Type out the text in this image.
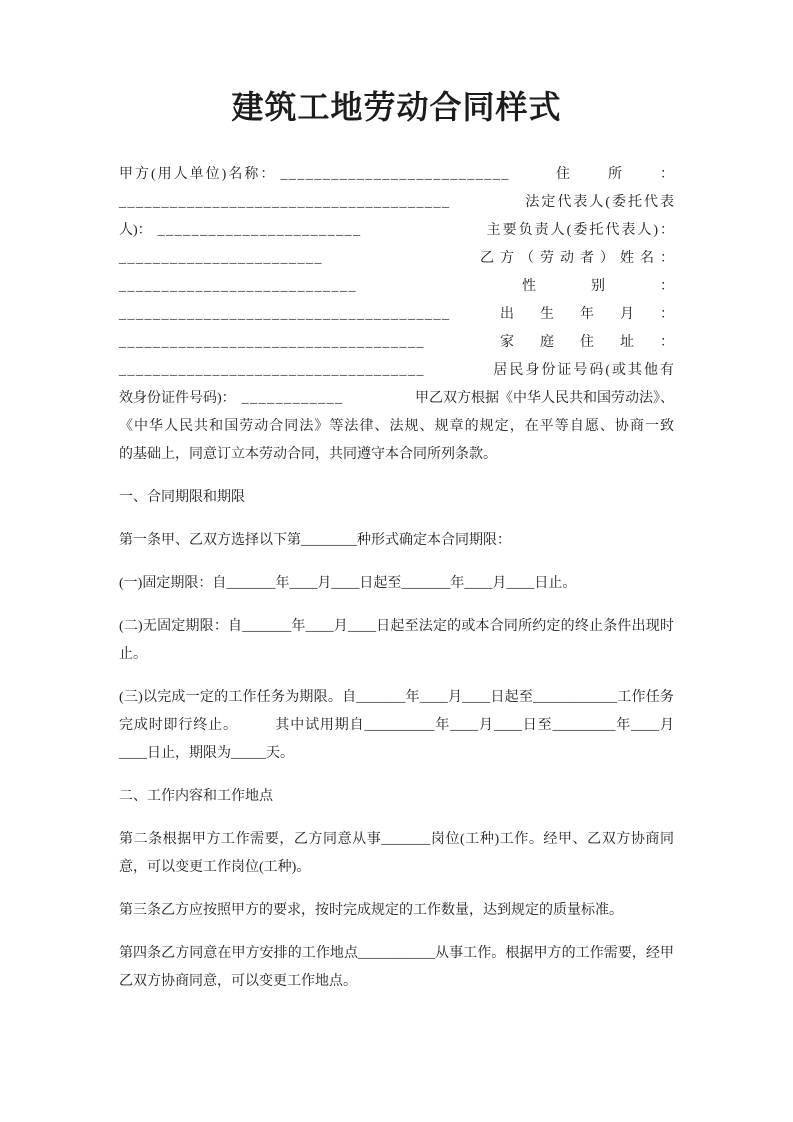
建筑工地劳动合同样式
甲方(用人单位)名称： ___________________________	住所：
_______________________________________	法定代表人(委托代表
人)： ________________________	主要负责人(委托代表人)：
________________________	乙方（劳动者）姓名：
____________________________	性别：
_______________________________________	出生年月：
____________________________________	家庭住址：
____________________________________	居民身份证号码(或其他有
效身份证件号码)： ____________	甲乙双方根据《中华人民共和国劳动法》、
《中华人民共和国劳动合同法》等法律、法规、规章的规定，在平等自愿、协商一致
的基础上，同意订立本劳动合同，共同遵守本合同所列条款。

一、合同期限和期限

第一条甲、乙双方选择以下第________种形式确定本合同期限：

(一)固定期限：自_______年____月____日起至_______年____月____日止。

(二)无固定期限：自_______年____月____日起至法定的或本合同所约定的终止条件出现时止。

(三)以完成一定的工作任务为期限。自_______年____月____日起至____________工作任务完成时即行终止。　　　其中试用期自__________年____月____日至_________年____月____日止，期限为_____天。

二、工作内容和工作地点

第二条根据甲方工作需要，乙方同意从事_______岗位(工种)工作。经甲、乙双方协商同意，可以变更工作岗位(工种)。

第三条乙方应按照甲方的要求，按时完成规定的工作数量，达到规定的质量标准。

第四条乙方同意在甲方安排的工作地点___________从事工作。根据甲方的工作需要，经甲乙双方协商同意，可以变更工作地点。
